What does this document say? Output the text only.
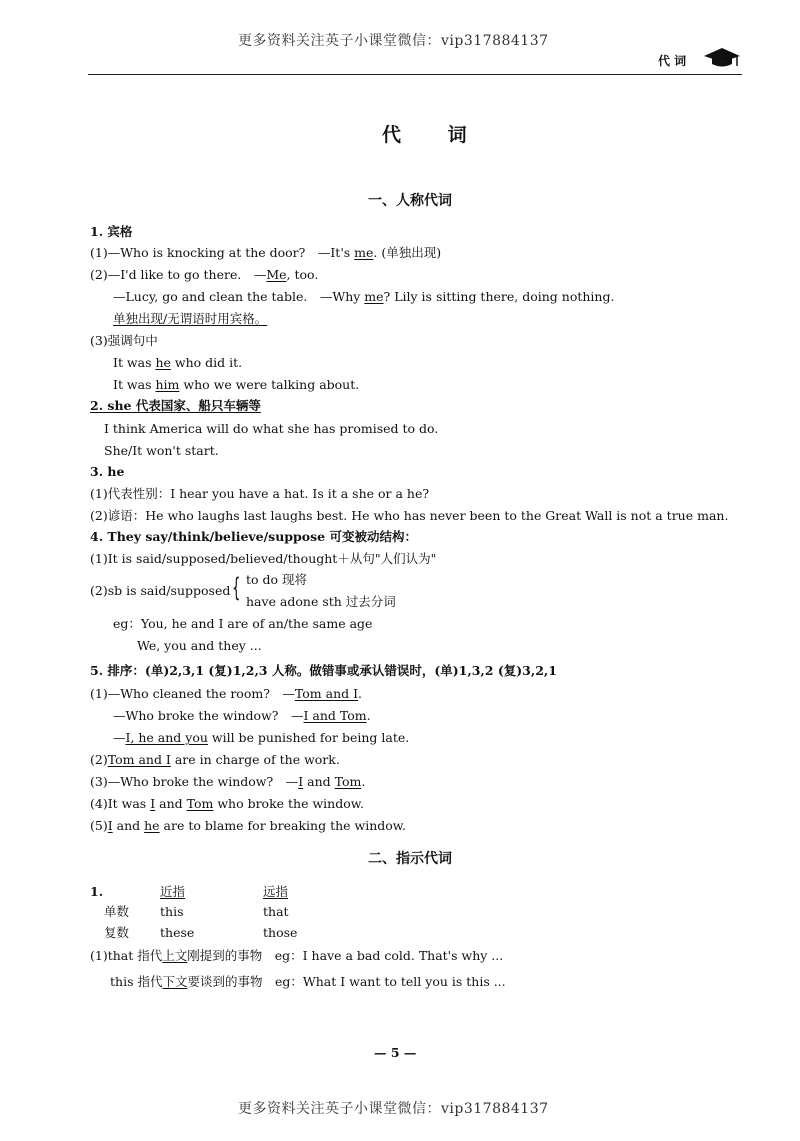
更多资料关注英子小课堂微信：vip317884137
代 词
代 词
一、人称代词
1. 宾格
(1)—Who is knocking at the door?　—It's me. (单独出现)
(2)—I'd like to go there.　—Me, too.
—Lucy, go and clean the table.　—Why me? Lily is sitting there, doing nothing.
单独出现/无谓语时用宾格。
(3)强调句中
It was he who did it.
It was him who we were talking about.
2. she 代表国家、船只车辆等
I think America will do what she has promised to do.
She/It won't start.
3. he
(1)代表性别：I hear you have a hat. Is it a she or a he?
(2)谚语：He who laughs last laughs best. He who has never been to the Great Wall is not a true man.
4. They say/think/believe/suppose 可变被动结构：
(1)It is said/supposed/believed/thought＋从句"人们认为"
(2)sb is said/supposed { to do 现将
have adone sth 过去分词
eg：You, he and I are of an/the same age
We, you and they ...
5. 排序：(单)2,3,1 (复)1,2,3 人称。做错事或承认错误时，(单)1,3,2 (复)3,2,1
(1)—Who cleaned the room?　—Tom and I.
—Who broke the window?　—I and Tom.
—I, he and you will be punished for being late.
(2)Tom and I are in charge of the work.
(3)—Who broke the window?　—I and Tom.
(4)It was I and Tom who broke the window.
(5)I and he are to blame for breaking the window.
二、指示代词
1.	近指	远指
单数 this	that
复数 these	those
(1)that 指代上文刚提到的事物　eg：I have a bad cold. That's why ...
this 指代下文要谈到的事物　eg：What I want to tell you is this ...
— 5 —
更多资料关注英子小课堂微信：vip317884137
